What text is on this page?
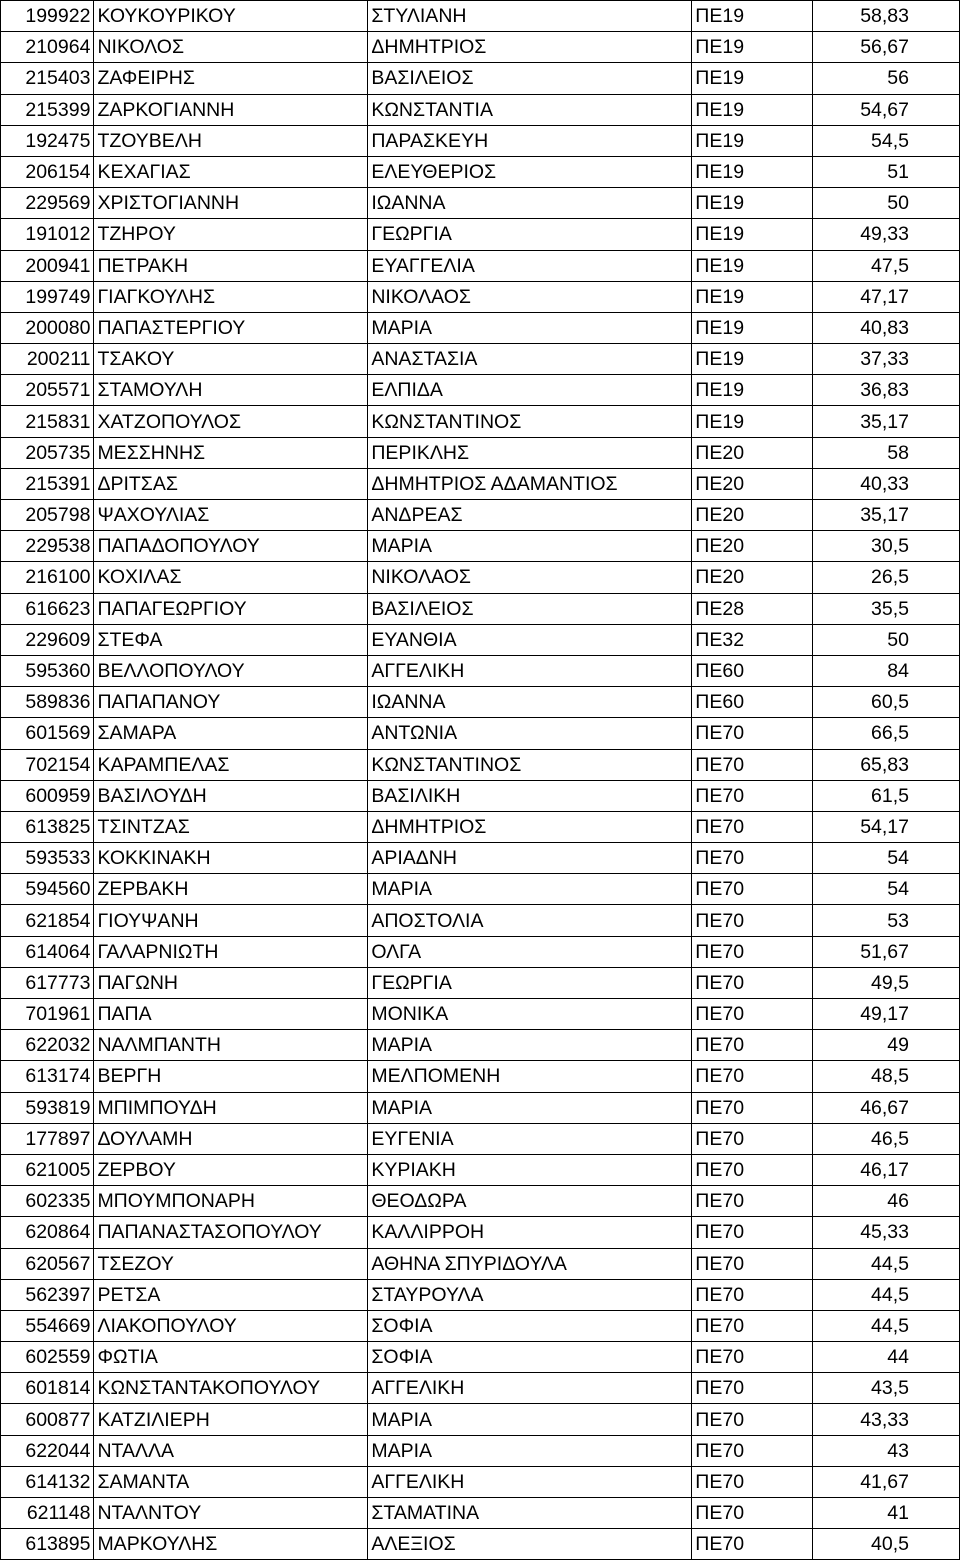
199922	ΚΟΥΚΟΥΡΙΚΟΥ	ΣΤΥΛΙΑΝΗ	ΠΕ19	58,83
210964	ΝΙΚΟΛΟΣ	ΔΗΜΗΤΡΙΟΣ	ΠΕ19	56,67
215403	ΖΑΦΕΙΡΗΣ	ΒΑΣΙΛΕΙΟΣ	ΠΕ19	56
215399	ΖΑΡΚΟΓΙΑΝΝΗ	ΚΩΝΣΤΑΝΤΙΑ	ΠΕ19	54,67
192475	ΤΖΟΥΒΕΛΗ	ΠΑΡΑΣΚΕΥΗ	ΠΕ19	54,5
206154	ΚΕΧΑΓΙΑΣ	ΕΛΕΥΘΕΡΙΟΣ	ΠΕ19	51
229569	ΧΡΙΣΤΟΓΙΑΝΝΗ	ΙΩΑΝΝΑ	ΠΕ19	50
191012	ΤΖΗΡΟΥ	ΓΕΩΡΓΙΑ	ΠΕ19	49,33
200941	ΠΕΤΡΑΚΗ	ΕΥΑΓΓΕΛΙΑ	ΠΕ19	47,5
199749	ΓΙΑΓΚΟΥΛΗΣ	ΝΙΚΟΛΑΟΣ	ΠΕ19	47,17
200080	ΠΑΠΑΣΤΕΡΓΙΟΥ	ΜΑΡΙΑ	ΠΕ19	40,83
200211	ΤΣΑΚΟΥ	ΑΝΑΣΤΑΣΙΑ	ΠΕ19	37,33
205571	ΣΤΑΜΟΥΛΗ	ΕΛΠΙΔΑ	ΠΕ19	36,83
215831	ΧΑΤΖΟΠΟΥΛΟΣ	ΚΩΝΣΤΑΝΤΙΝΟΣ	ΠΕ19	35,17
205735	ΜΕΣΣΗΝΗΣ	ΠΕΡΙΚΛΗΣ	ΠΕ20	58
215391	ΔΡΙΤΣΑΣ	ΔΗΜΗΤΡΙΟΣ ΑΔΑΜΑΝΤΙΟΣ	ΠΕ20	40,33
205798	ΨΑΧΟΥΛΙΑΣ	ΑΝΔΡΕΑΣ	ΠΕ20	35,17
229538	ΠΑΠΑΔΟΠΟΥΛΟΥ	ΜΑΡΙΑ	ΠΕ20	30,5
216100	ΚΟΧΙΛΑΣ	ΝΙΚΟΛΑΟΣ	ΠΕ20	26,5
616623	ΠΑΠΑΓΕΩΡΓΙΟΥ	ΒΑΣΙΛΕΙΟΣ	ΠΕ28	35,5
229609	ΣΤΕΦΑ	ΕΥΑΝΘΙΑ	ΠΕ32	50
595360	ΒΕΛΛΟΠΟΥΛΟΥ	ΑΓΓΕΛΙΚΗ	ΠΕ60	84
589836	ΠΑΠΑΠΑΝΟΥ	ΙΩΑΝΝΑ	ΠΕ60	60,5
601569	ΣΑΜΑΡΑ	ΑΝΤΩΝΙΑ	ΠΕ70	66,5
702154	ΚΑΡΑΜΠΕΛΑΣ	ΚΩΝΣΤΑΝΤΙΝΟΣ	ΠΕ70	65,83
600959	ΒΑΣΙΛΟΥΔΗ	ΒΑΣΙΛΙΚΗ	ΠΕ70	61,5
613825	ΤΣΙΝΤΖΑΣ	ΔΗΜΗΤΡΙΟΣ	ΠΕ70	54,17
593533	ΚΟΚΚΙΝΑΚΗ	ΑΡΙΑΔΝΗ	ΠΕ70	54
594560	ΖΕΡΒΑΚΗ	ΜΑΡΙΑ	ΠΕ70	54
621854	ΓΙΟΥΨΑΝΗ	ΑΠΟΣΤΟΛΙΑ	ΠΕ70	53
614064	ΓΑΛΑΡΝΙΩΤΗ	ΟΛΓΑ	ΠΕ70	51,67
617773	ΠΑΓΩΝΗ	ΓΕΩΡΓΙΑ	ΠΕ70	49,5
701961	ΠΑΠΑ	ΜΟΝΙΚΑ	ΠΕ70	49,17
622032	ΝΑΛΜΠΑΝΤΗ	ΜΑΡΙΑ	ΠΕ70	49
613174	ΒΕΡΓΗ	ΜΕΛΠΟΜΕΝΗ	ΠΕ70	48,5
593819	ΜΠΙΜΠΟΥΔΗ	ΜΑΡΙΑ	ΠΕ70	46,67
177897	ΔΟΥΛΑΜΗ	ΕΥΓΕΝΙΑ	ΠΕ70	46,5
621005	ΖΕΡΒΟΥ	ΚΥΡΙΑΚΗ	ΠΕ70	46,17
602335	ΜΠΟΥΜΠΟΝΑΡΗ	ΘΕΟΔΩΡΑ	ΠΕ70	46
620864	ΠΑΠΑΝΑΣΤΑΣΟΠΟΥΛΟΥ	ΚΑΛΛΙΡΡΟΗ	ΠΕ70	45,33
620567	ΤΣΕΖΟΥ	ΑΘΗΝΑ ΣΠΥΡΙΔΟΥΛΑ	ΠΕ70	44,5
562397	ΡΕΤΣΑ	ΣΤΑΥΡΟΥΛΑ	ΠΕ70	44,5
554669	ΛΙΑΚΟΠΟΥΛΟΥ	ΣΟΦΙΑ	ΠΕ70	44,5
602559	ΦΩΤΙΑ	ΣΟΦΙΑ	ΠΕ70	44
601814	ΚΩΝΣΤΑΝΤΑΚΟΠΟΥΛΟΥ	ΑΓΓΕΛΙΚΗ	ΠΕ70	43,5
600877	ΚΑΤΖΙΛΙΕΡΗ	ΜΑΡΙΑ	ΠΕ70	43,33
622044	ΝΤΑΛΛΑ	ΜΑΡΙΑ	ΠΕ70	43
614132	ΣΑΜΑΝΤΑ	ΑΓΓΕΛΙΚΗ	ΠΕ70	41,67
621148	ΝΤΑΛΝΤΟΥ	ΣΤΑΜΑΤΙΝΑ	ΠΕ70	41
613895	ΜΑΡΚΟΥΛΗΣ	ΑΛΕΞΙΟΣ	ΠΕ70	40,5
